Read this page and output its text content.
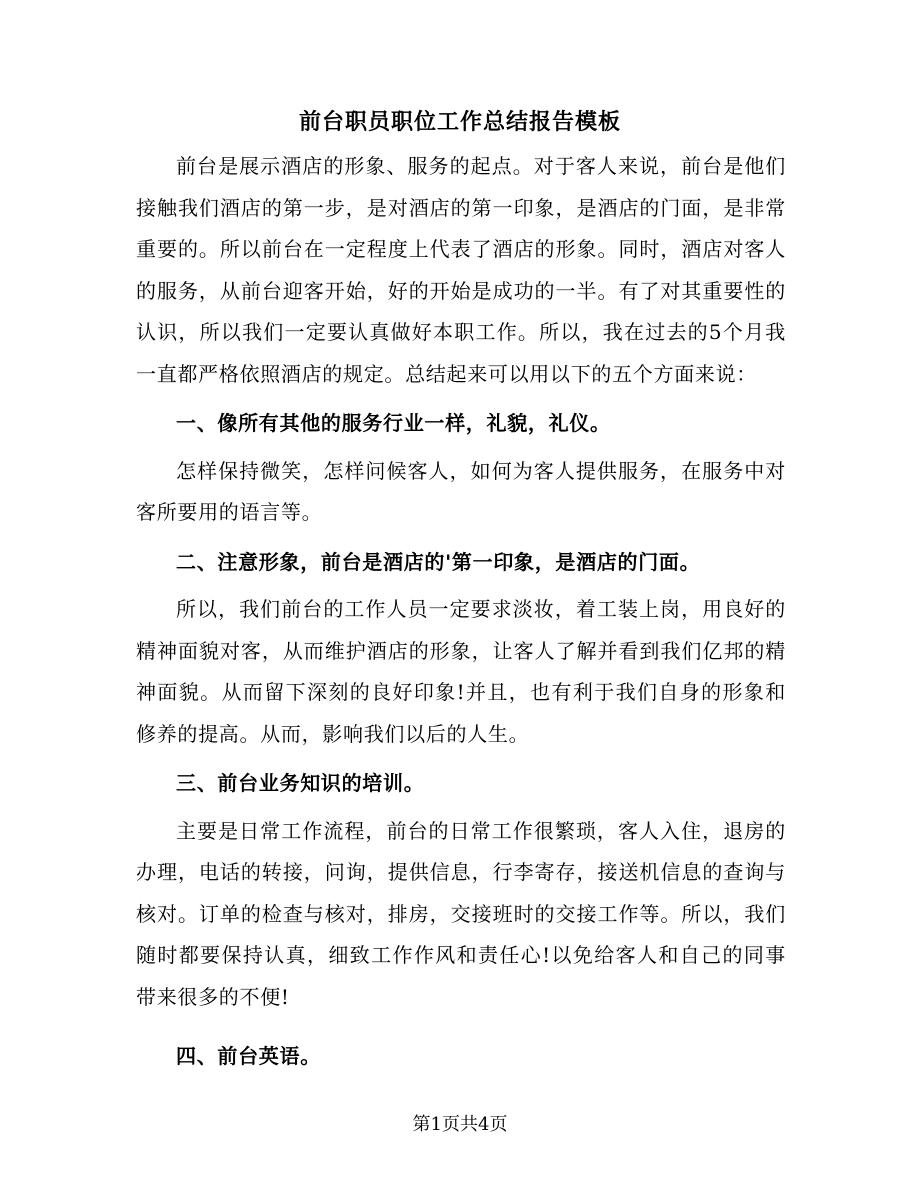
前台职员职位工作总结报告模板

前台是展示酒店的形象、服务的起点。对于客人来说，前台是他们接触我们酒店的第一步，是对酒店的第一印象，是酒店的门面，是非常重要的。所以前台在一定程度上代表了酒店的形象。同时，酒店对客人的服务，从前台迎客开始，好的开始是成功的一半。有了对其重要性的认识，所以我们一定要认真做好本职工作。所以，我在过去的5个月我一直都严格依照酒店的规定。总结起来可以用以下的五个方面来说：

一、像所有其他的服务行业一样，礼貌，礼仪。

怎样保持微笑，怎样问候客人，如何为客人提供服务，在服务中对客所要用的语言等。

二、注意形象，前台是酒店的'第一印象，是酒店的门面。

所以，我们前台的工作人员一定要求淡妆，着工装上岗，用良好的精神面貌对客，从而维护酒店的形象，让客人了解并看到我们亿邦的精神面貌。从而留下深刻的良好印象!并且，也有利于我们自身的形象和修养的提高。从而，影响我们以后的人生。

三、前台业务知识的培训。

主要是日常工作流程，前台的日常工作很繁琐，客人入住，退房的办理，电话的转接，问询，提供信息，行李寄存，接送机信息的查询与核对。订单的检查与核对，排房，交接班时的交接工作等。所以，我们随时都要保持认真，细致工作作风和责任心!以免给客人和自己的同事带来很多的不便!

四、前台英语。

第1页共4页
